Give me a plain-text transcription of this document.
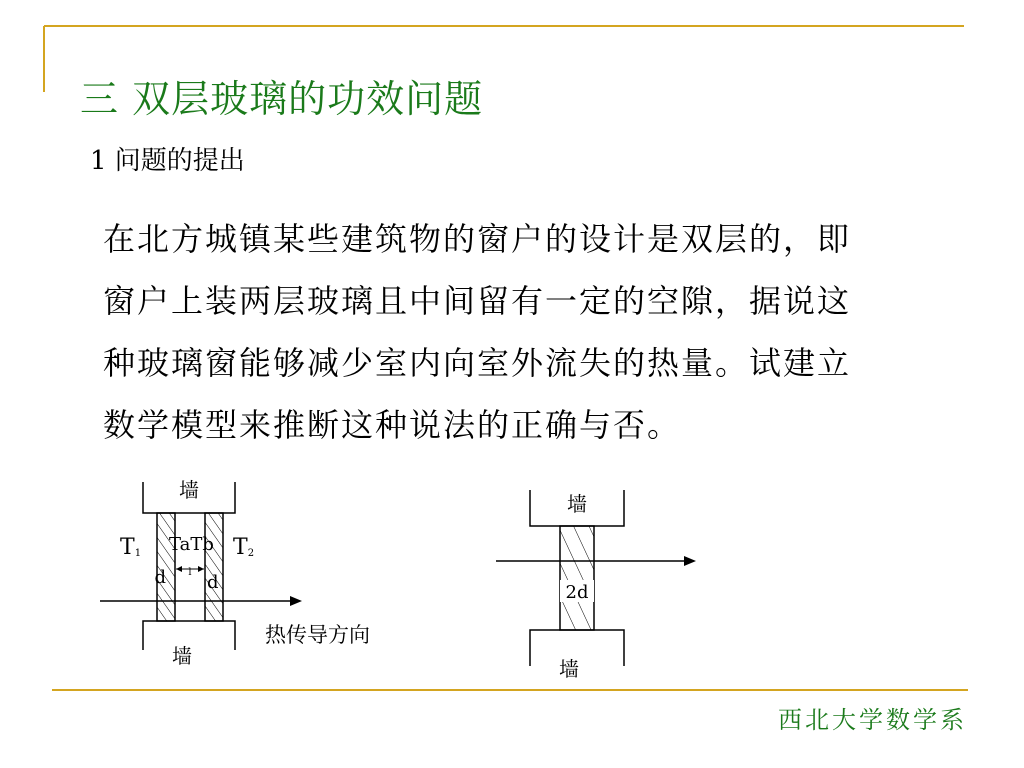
三 双层玻璃的功效问题
1 问题的提出
在北方城镇某些建筑物的窗户的设计是双层的，即
窗户上装两层玻璃且中间留有一定的空隙，据说这
种玻璃窗能够减少室内向室外流失的热量。试建立
数学模型来推断这种说法的正确与否。
墙
T1	T2
TaTb
d d
l
墙
热传导方向
墙
2d
墙
西北大学数学系
